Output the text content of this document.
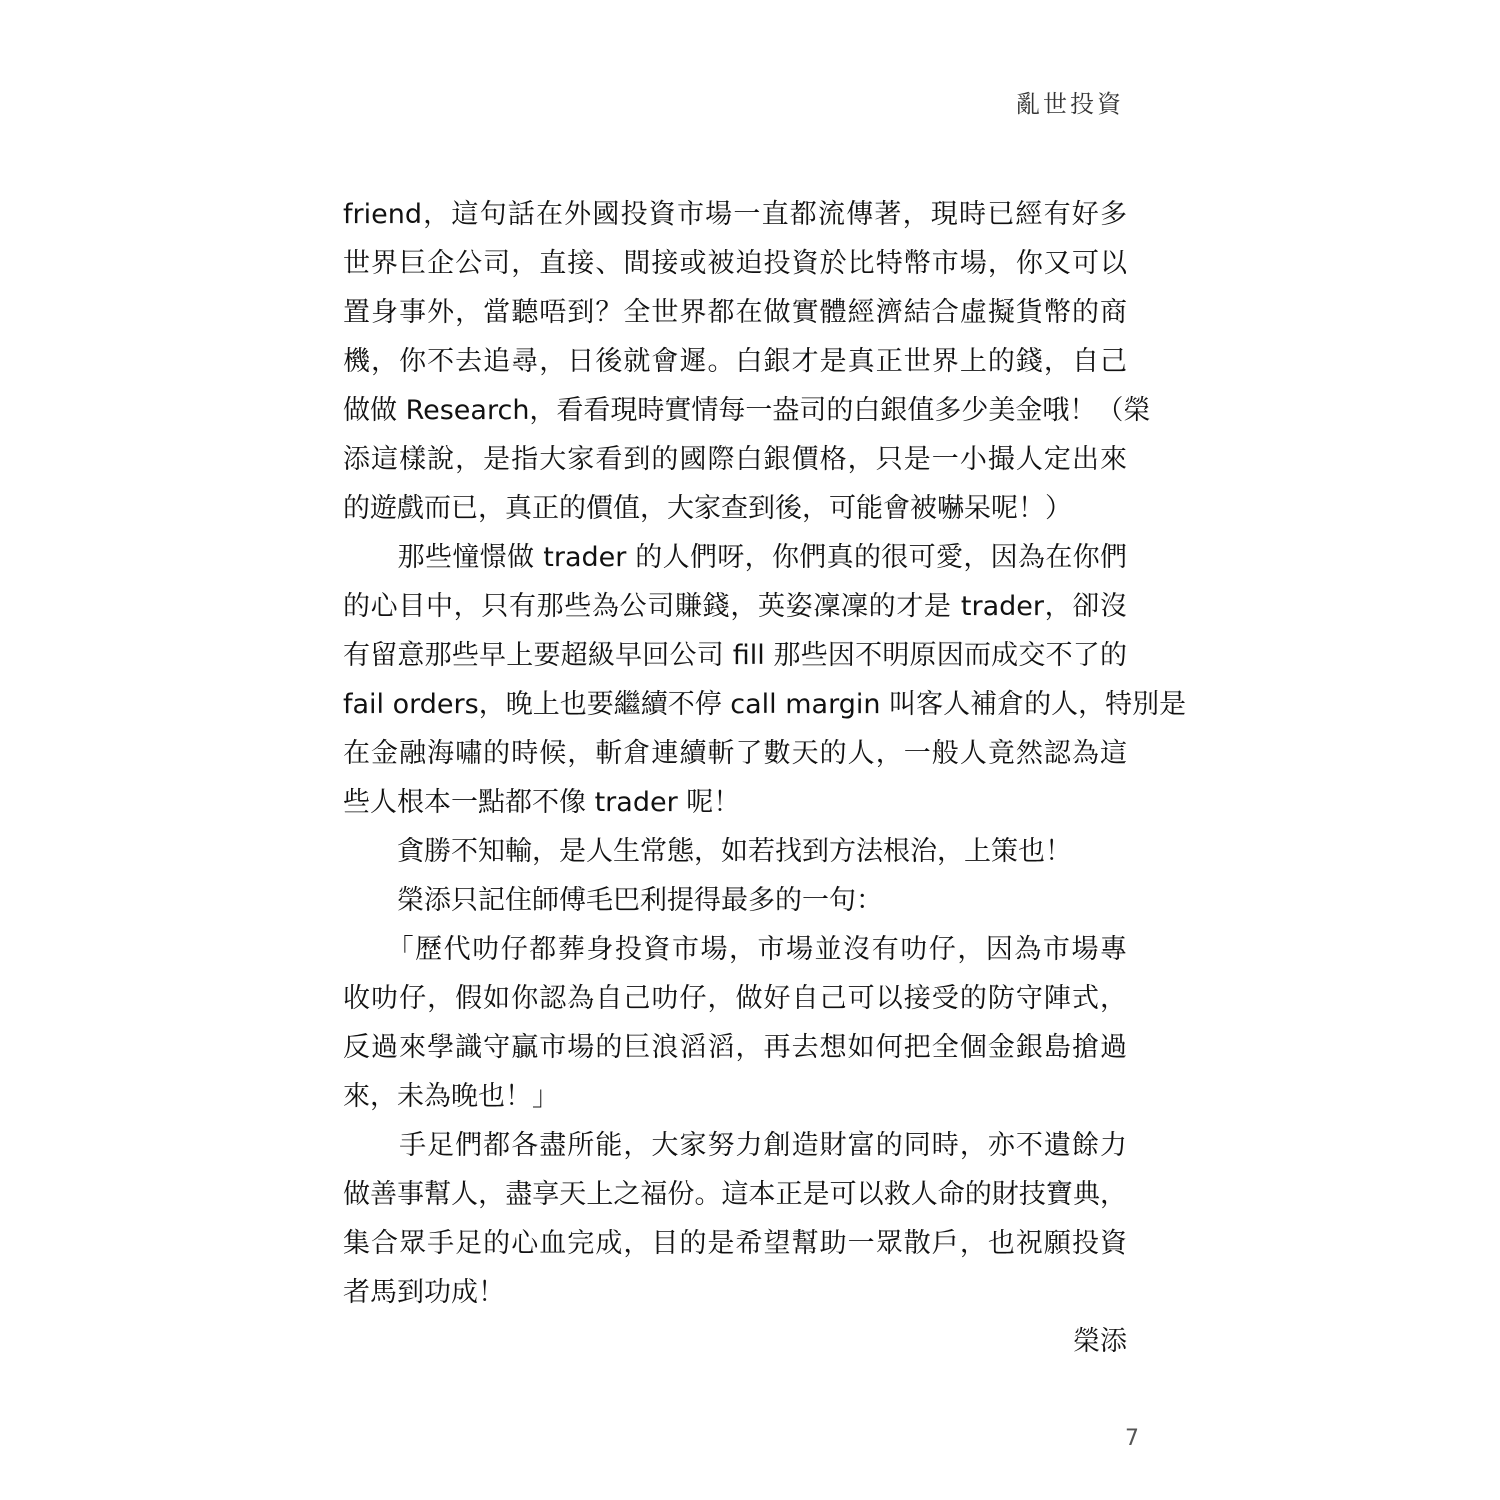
亂世投資
friend，這句話在外國投資市場一直都流傳著，現時已經有好多
世界巨企公司，直接、間接或被迫投資於比特幣市場，你又可以
置身事外，當聽唔到？全世界都在做實體經濟結合虛擬貨幣的商
機，你不去追尋，日後就會遲。白銀才是真正世界上的錢，自己
做做 Research，看看現時實情每一盎司的白銀值多少美金哦！（榮
添這樣說，是指大家看到的國際白銀價格，只是一小撮人定出來
的遊戲而已，真正的價值，大家查到後，可能會被嚇呆呢！）
　　那些憧憬做 trader 的人們呀，你們真的很可愛，因為在你們
的心目中，只有那些為公司賺錢，英姿凜凜的才是 trader，卻沒
有留意那些早上要超級早回公司 fill 那些因不明原因而成交不了的
fail orders，晚上也要繼續不停 call margin 叫客人補倉的人，特別是
在金融海嘯的時候，斬倉連續斬了數天的人，一般人竟然認為這
些人根本一點都不像 trader 呢！
　　貪勝不知輸，是人生常態，如若找到方法根治，上策也！
　　榮添只記住師傅毛巴利提得最多的一句：
　　「歷代叻仔都葬身投資市場，市場並沒有叻仔，因為市場專
收叻仔，假如你認為自己叻仔，做好自己可以接受的防守陣式，
反過來學識守贏市場的巨浪滔滔，再去想如何把全個金銀島搶過
來，未為晚也！」
　　手足們都各盡所能，大家努力創造財富的同時，亦不遺餘力
做善事幫人，盡享天上之福份。這本正是可以救人命的財技寶典，
集合眾手足的心血完成，目的是希望幫助一眾散戶，也祝願投資
者馬到功成！
榮添
7
